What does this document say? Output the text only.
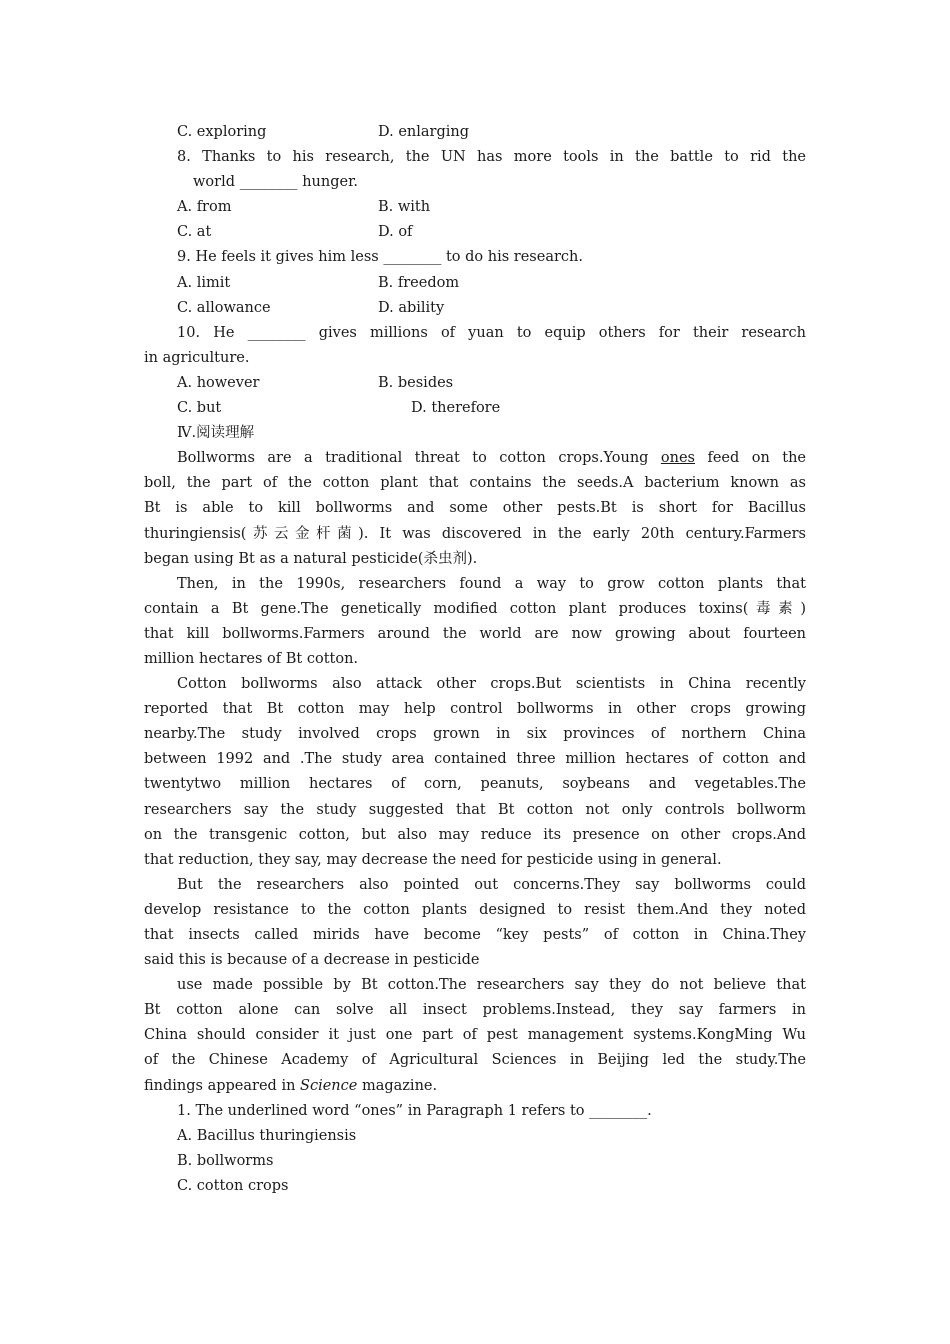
C. exploring	D. enlarging
8. Thanks to his research, the UN has more tools in the battle to rid the
world ________ hunger.
A. from	B. with
C. at	D. of
9. He feels it gives him less ________ to do his research.
A. limit	B. freedom
C. allowance	D. ability
10. He ________ gives millions of yuan to equip others for their research
in agriculture.
A. however	B. besides
C. but	D. therefore
Ⅳ.阅读理解
Bollworms are a traditional threat to cotton crops.Young ones feed on the
boll, the part of the cotton plant that contains the seeds.A bacterium known as
Bt is able to kill bollworms and some other pests.Bt is short for Bacillus
thuringiensis(苏云金杆菌). It was discovered in the early 20th century.Farmers
began using Bt as a natural pesticide(杀虫剂).
Then, in the 1990s, researchers found a way to grow cotton plants that
contain a Bt gene.The genetically modified cotton plant produces toxins(毒素)
that kill bollworms.Farmers around the world are now growing about fourteen
million hectares of Bt cotton.
Cotton bollworms also attack other crops.But scientists in China recently
reported that Bt cotton may help control bollworms in other crops growing
nearby.The study involved crops grown in six provinces of northern China
between 1992 and .The study area contained three million hectares of cotton and
twentytwo million hectares of corn, peanuts, soybeans and vegetables.The
researchers say the study suggested that Bt cotton not only controls bollworm
on the transgenic cotton, but also may reduce its presence on other crops.And
that reduction, they say, may decrease the need for pesticide using in general.
But the researchers also pointed out concerns.They say bollworms could
develop resistance to the cotton plants designed to resist them.And they noted
that insects called mirids have become “key pests” of cotton in China.They
said this is because of a decrease in pesticide
use made possible by Bt cotton.The researchers say they do not believe that
Bt cotton alone can solve all insect problems.Instead, they say farmers in
China should consider it just one part of pest management systems.KongMing Wu
of the Chinese Academy of Agricultural Sciences in Beijing led the study.The
findings appeared in Science magazine.
1. The underlined word “ones” in Paragraph 1 refers to ________.
A. Bacillus thuringiensis
B. bollworms
C. cotton crops
